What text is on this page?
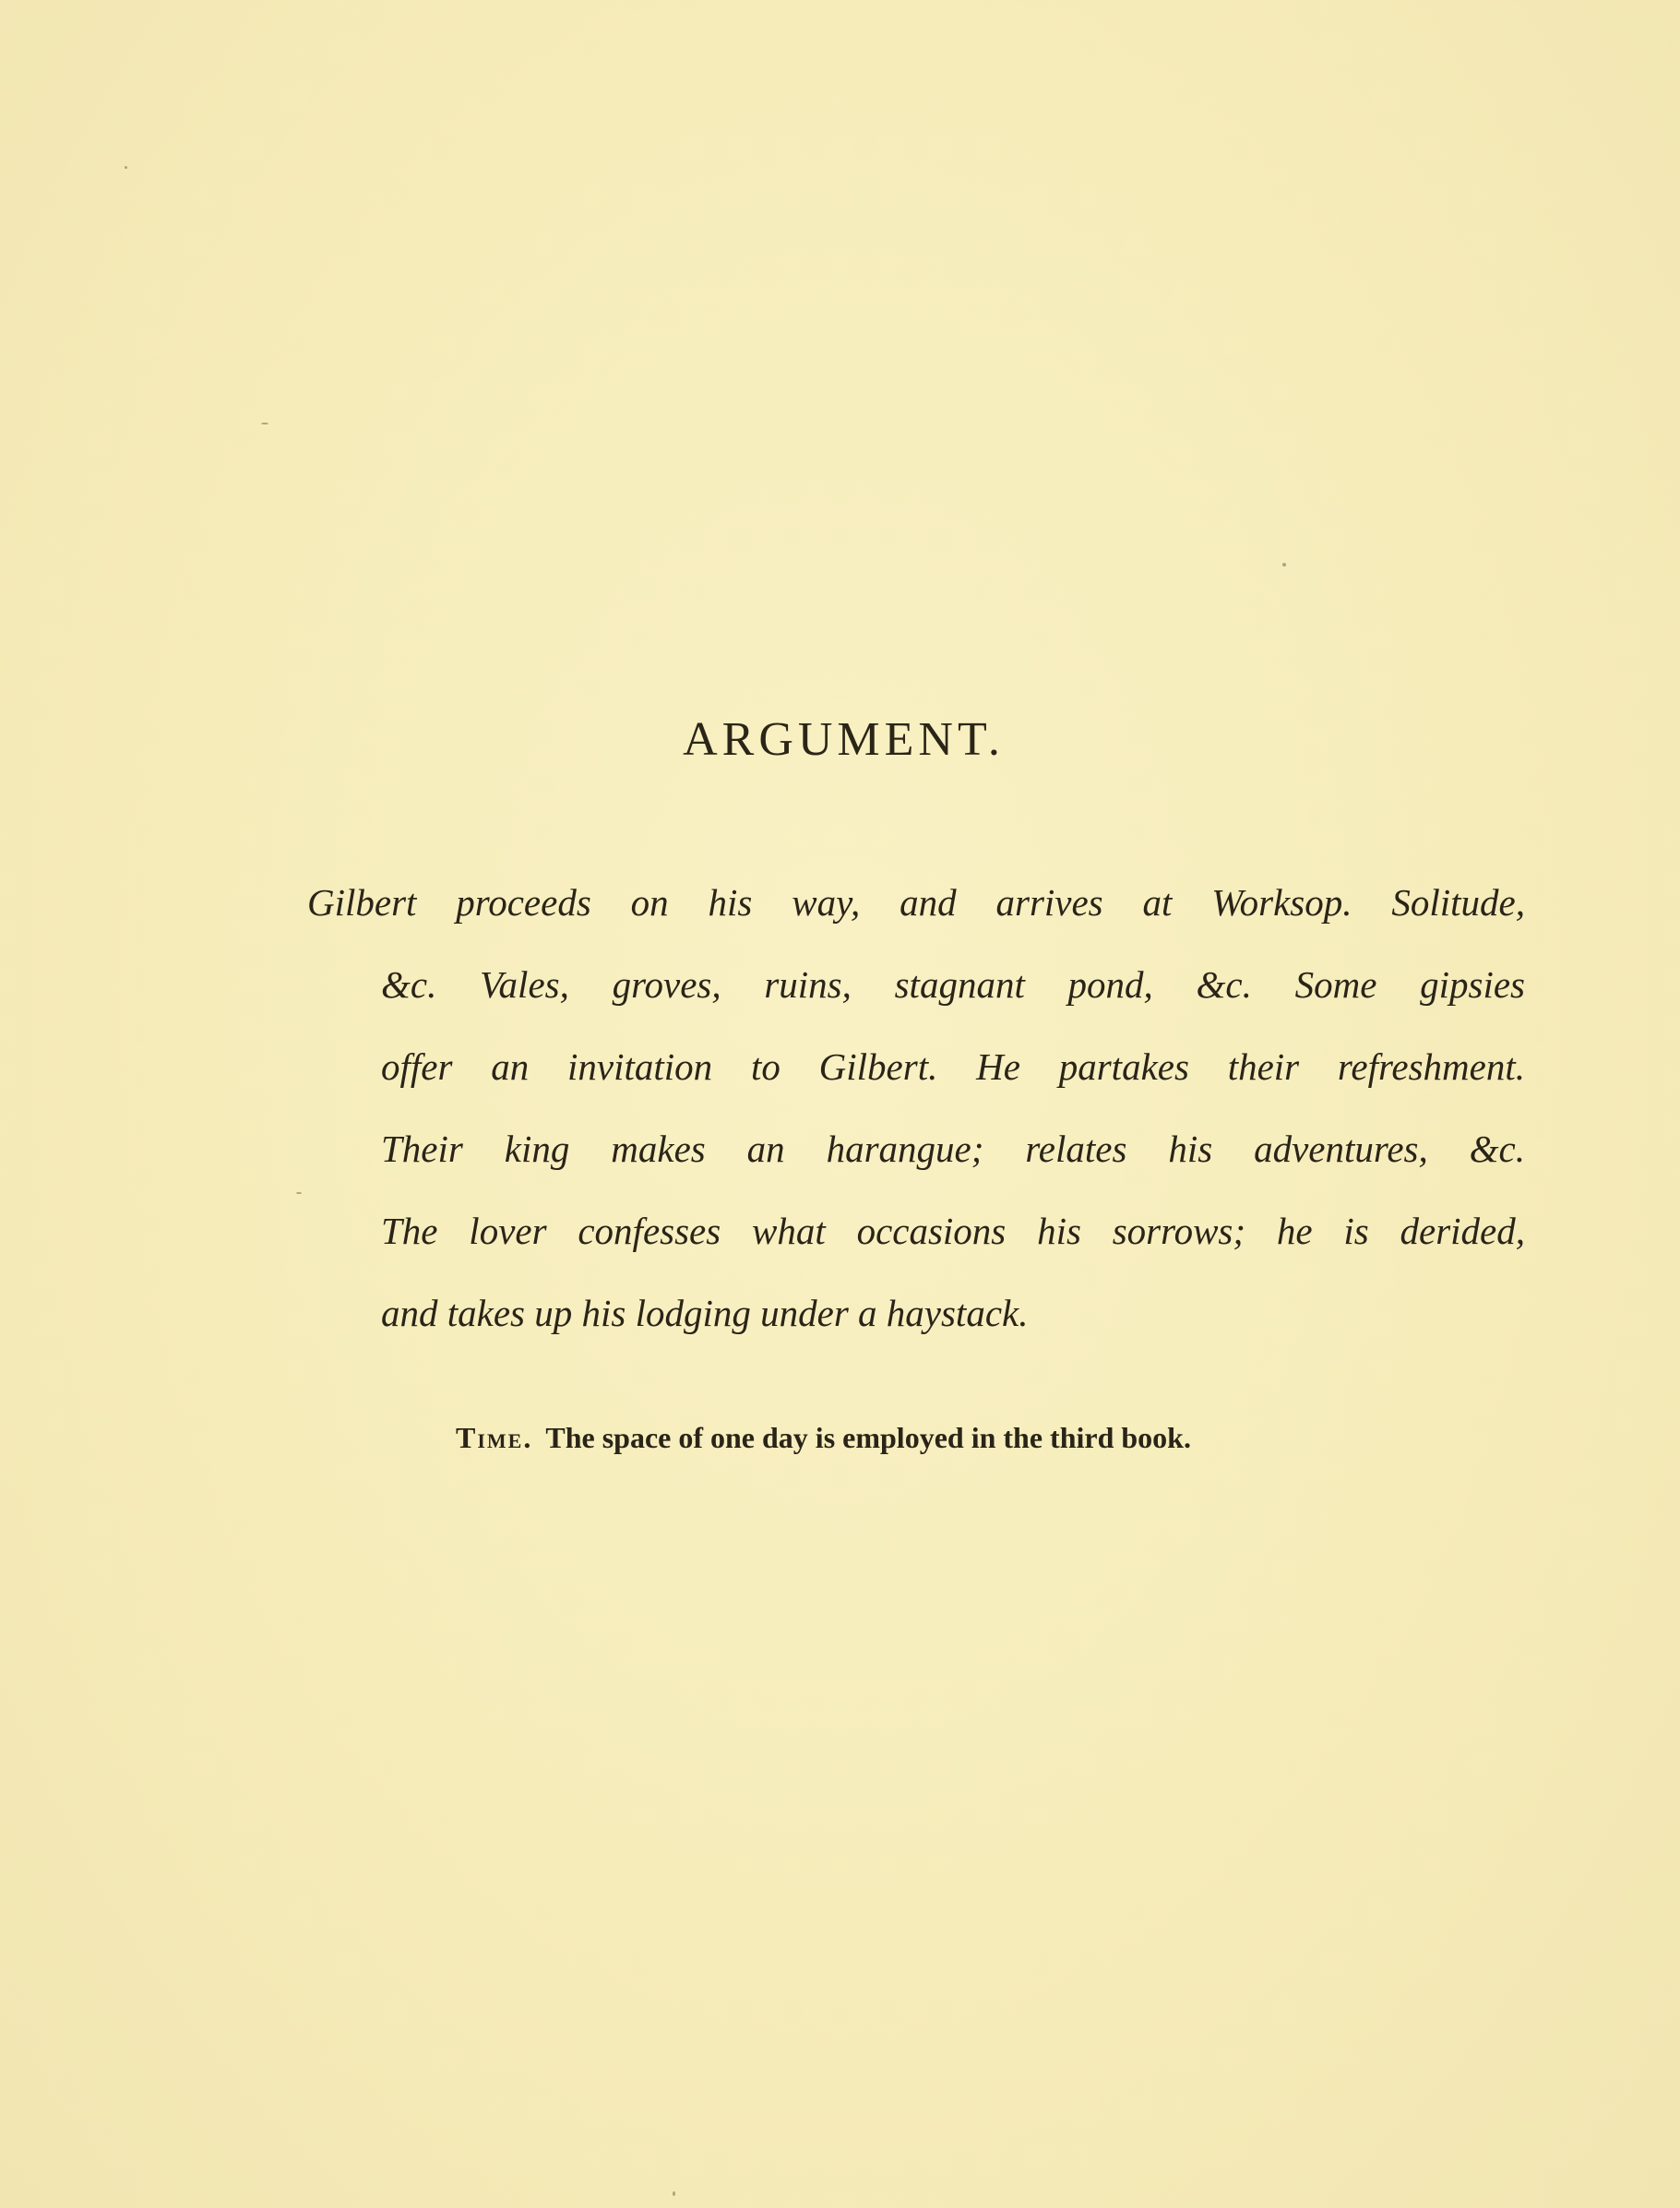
ARGUMENT.
Gilbert proceeds on his way, and arrives at Worksop. Solitude,
&c. Vales, groves, ruins, stagnant pond, &c. Some gipsies
offer an invitation to Gilbert. He partakes their refreshment.
Their king makes an harangue; relates his adventures, &c.
The lover confesses what occasions his sorrows; he is derided,
and takes up his lodging under a haystack.
Time. The space of one day is employed in the third book.
